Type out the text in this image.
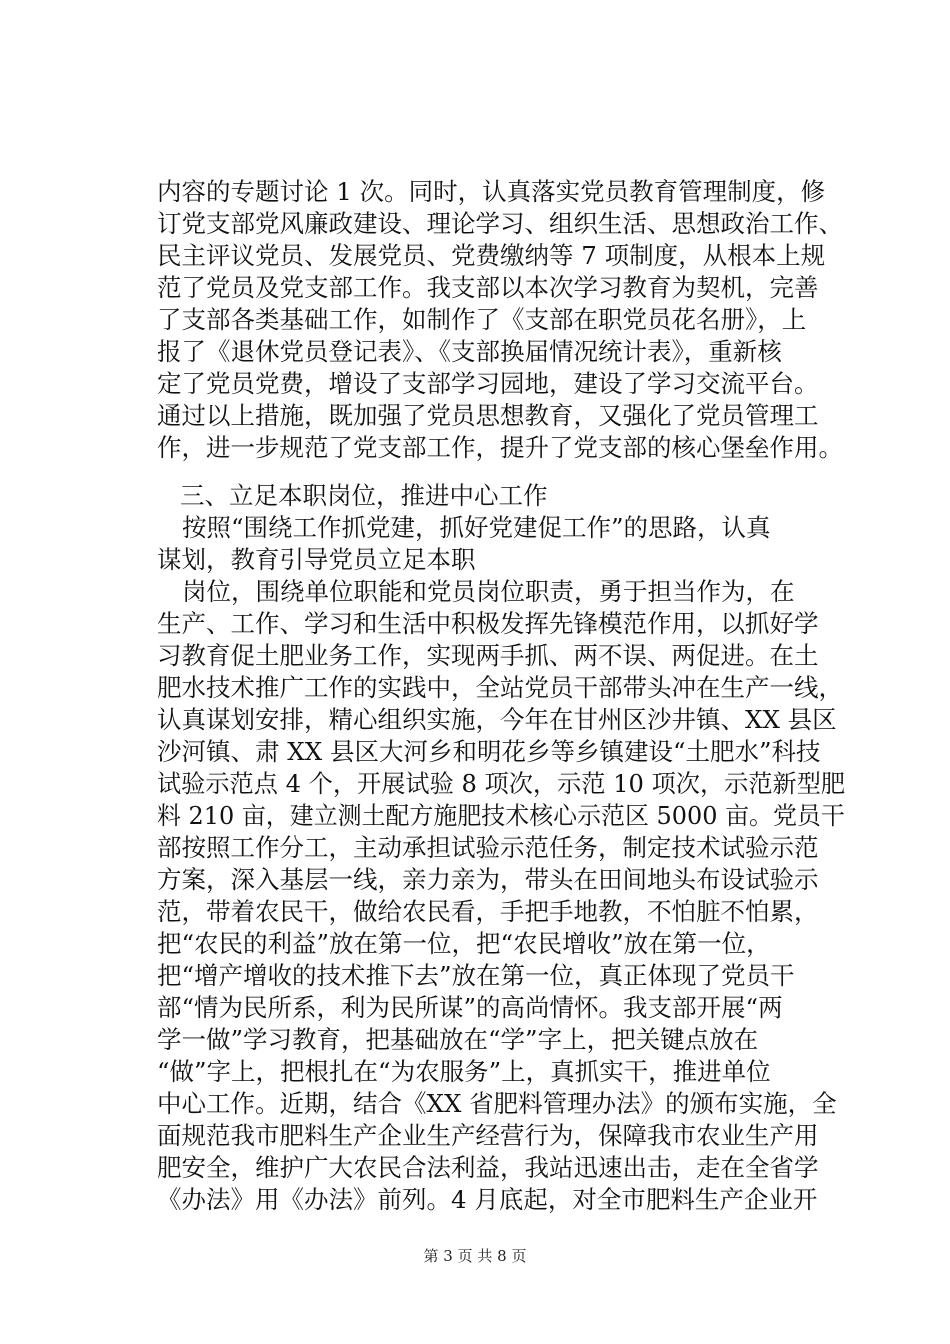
内容的专题讨论 1 次。同时，认真落实党员教育管理制度，修
订党支部党风廉政建设、理论学习、组织生活、思想政治工作、
民主评议党员、发展党员、党费缴纳等 7 项制度，从根本上规
范了党员及党支部工作。我支部以本次学习教育为契机，完善
了支部各类基础工作，如制作了《支部在职党员花名册》，上
报了《退休党员登记表》、《支部换届情况统计表》，重新核
定了党员党费，增设了支部学习园地，建设了学习交流平台。
通过以上措施，既加强了党员思想教育，又强化了党员管理工
作，进一步规范了党支部工作，提升了党支部的核心堡垒作用。
三、立足本职岗位，推进中心工作
按照“围绕工作抓党建，抓好党建促工作”的思路，认真
谋划，教育引导党员立足本职
岗位，围绕单位职能和党员岗位职责，勇于担当作为，在
生产、工作、学习和生活中积极发挥先锋模范作用，以抓好学
习教育促土肥业务工作，实现两手抓、两不误、两促进。在土
肥水技术推广工作的实践中，全站党员干部带头冲在生产一线，
认真谋划安排，精心组织实施，今年在甘州区沙井镇、XX 县区
沙河镇、肃 XX 县区大河乡和明花乡等乡镇建设“土肥水”科技
试验示范点 4 个，开展试验 8 项次，示范 10 项次，示范新型肥
料 210 亩，建立测土配方施肥技术核心示范区 5000 亩。党员干
部按照工作分工，主动承担试验示范任务，制定技术试验示范
方案，深入基层一线，亲力亲为，带头在田间地头布设试验示
范，带着农民干，做给农民看，手把手地教，不怕脏不怕累，
把“农民的利益”放在第一位，把“农民增收”放在第一位，
把“增产增收的技术推下去”放在第一位，真正体现了党员干
部“情为民所系，利为民所谋”的高尚情怀。我支部开展“两
学一做”学习教育，把基础放在“学”字上，把关键点放在
“做”字上，把根扎在“为农服务”上，真抓实干，推进单位
中心工作。近期，结合《XX 省肥料管理办法》的颁布实施，全
面规范我市肥料生产企业生产经营行为，保障我市农业生产用
肥安全，维护广大农民合法利益，我站迅速出击，走在全省学
《办法》用《办法》前列。4 月底起，对全市肥料生产企业开
第 3 页 共 8 页
